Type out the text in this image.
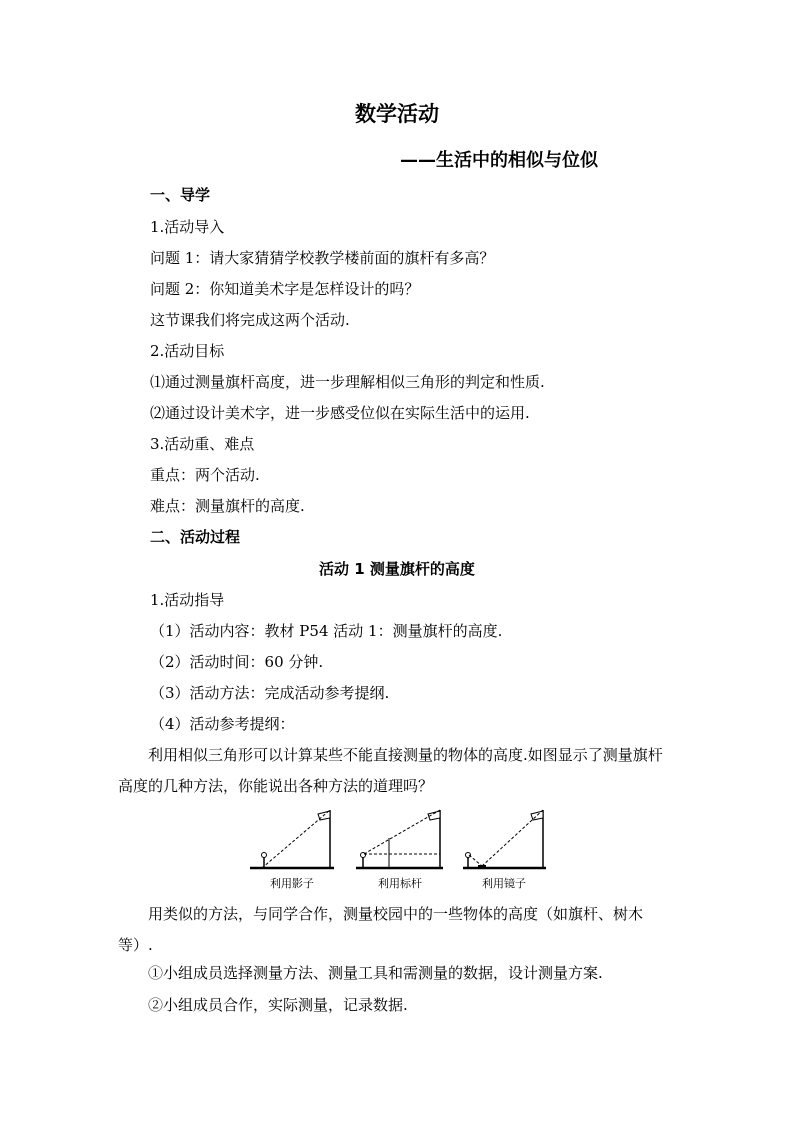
数学活动
——生活中的相似与位似
一、导学
1.活动导入
问题 1：请大家猜猜学校教学楼前面的旗杆有多高？
问题 2：你知道美术字是怎样设计的吗？
这节课我们将完成这两个活动.
2.活动目标
⑴通过测量旗杆高度，进一步理解相似三角形的判定和性质.
⑵通过设计美术字，进一步感受位似在实际生活中的运用.
3.活动重、难点
重点：两个活动.
难点：测量旗杆的高度.
二、活动过程
活动 1 测量旗杆的高度
1.活动指导
（1）活动内容：教材 P54 活动 1：测量旗杆的高度.
（2）活动时间：60 分钟.
（3）活动方法：完成活动参考提纲.
（4）活动参考提纲：
利用相似三角形可以计算某些不能直接测量的物体的高度.如图显示了测量旗杆高度的几种方法，你能说出各种方法的道理吗？
利用影子	利用标杆	利用镜子
用类似的方法，与同学合作，测量校园中的一些物体的高度（如旗杆、树木等）.
①小组成员选择测量方法、测量工具和需测量的数据，设计测量方案.
②小组成员合作，实际测量，记录数据.
